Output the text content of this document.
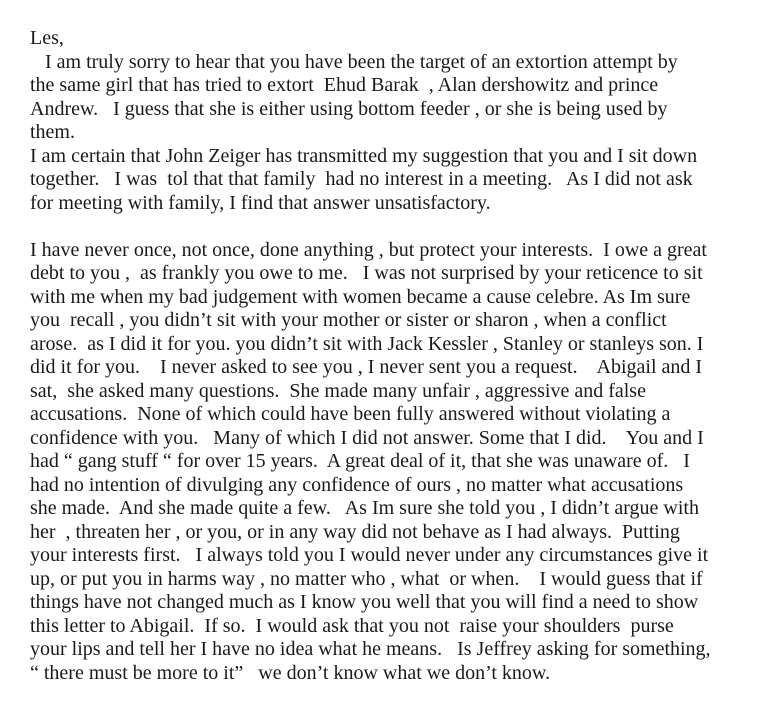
Les,
I am truly sorry to hear that you have been the target of an extortion attempt by
the same girl that has tried to extort  Ehud Barak  , Alan dershowitz and prince
Andrew.   I guess that she is either using bottom feeder , or she is being used by
them.
I am certain that John Zeiger has transmitted my suggestion that you and I sit down
together.   I was  tol that that family  had no interest in a meeting.   As I did not ask
for meeting with family, I find that answer unsatisfactory.
I have never once, not once, done anything , but protect your interests.  I owe a great
debt to you ,  as frankly you owe to me.   I was not surprised by your reticence to sit
with me when my bad judgement with women became a cause celebre. As Im sure
you  recall , you didn’t sit with your mother or sister or sharon , when a conflict
arose.  as I did it for you. you didn’t sit with Jack Kessler , Stanley or stanleys son. I
did it for you.    I never asked to see you , I never sent you a request.    Abigail and I
sat,  she asked many questions.  She made many unfair , aggressive and false
accusations.  None of which could have been fully answered without violating a
confidence with you.   Many of which I did not answer. Some that I did.    You and I
had “ gang stuff “ for over 15 years.  A great deal of it, that she was unaware of.   I
had no intention of divulging any confidence of ours , no matter what accusations
she made.  And she made quite a few.   As Im sure she told you , I didn’t argue with
her  , threaten her , or you, or in any way did not behave as I had always.  Putting
your interests first.   I always told you I would never under any circumstances give it
up, or put you in harms way , no matter who , what  or when.    I would guess that if
things have not changed much as I know you well that you will find a need to show
this letter to Abigail.  If so.  I would ask that you not  raise your shoulders  purse
your lips and tell her I have no idea what he means.   Is Jeffrey asking for something,
“ there must be more to it”   we don’t know what we don’t know.
